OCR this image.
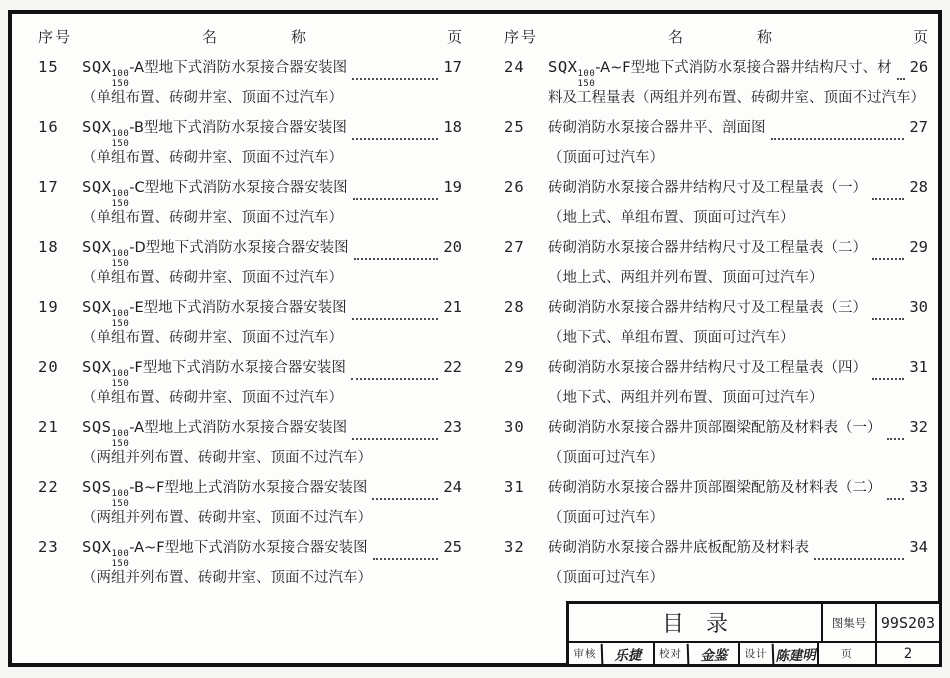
序号	名	称	页
15	SQX 100
150
-A型地下式消防水泵接合器安装图	17
（单组布置、砖砌井室、顶面不过汽车）
16	SQX 100
150
-B型地下式消防水泵接合器安装图	18
（单组布置、砖砌井室、顶面不过汽车）
17	SQX 100
150
-C型地下式消防水泵接合器安装图	19
（单组布置、砖砌井室、顶面不过汽车）
18	SQX 100
150
-D型地下式消防水泵接合器安装图	20
（单组布置、砖砌井室、顶面不过汽车）
19	SQX 100
150
-E型地下式消防水泵接合器安装图	21
（单组布置、砖砌井室、顶面不过汽车）
20	SQX 100
150
-F型地下式消防水泵接合器安装图	22
（单组布置、砖砌井室、顶面不过汽车）
21	SQS 100
150
-A型地上式消防水泵接合器安装图	23
（两组并列布置、砖砌井室、顶面不过汽车）
22	SQS 100
150
-B~F型地上式消防水泵接合器安装图	24
（两组并列布置、砖砌井室、顶面不过汽车）
23	SQX 100
150
-A~F型地下式消防水泵接合器安装图	25
（两组并列布置、砖砌井室、顶面不过汽车）
序号	名	称	页
24	SQX 100
150
-A~F型地下式消防水泵接合器井结构尺寸、材 26
料及工程量表（两组并列布置、砖砌井室、顶面不过汽车）
25	砖砌消防水泵接合器井平、剖面图	27
（顶面可过汽车）
26	砖砌消防水泵接合器井结构尺寸及工程量表（一）	28
（地上式、单组布置、顶面可过汽车）
27	砖砌消防水泵接合器井结构尺寸及工程量表（二）	29
（地上式、两组并列布置、顶面可过汽车）
28	砖砌消防水泵接合器井结构尺寸及工程量表（三）	30
（地下式、单组布置、顶面可过汽车）
29	砖砌消防水泵接合器井结构尺寸及工程量表（四）	31
（地下式、两组并列布置、顶面可过汽车）
30	砖砌消防水泵接合器井顶部圈梁配筋及材料表（一） 32
（顶面可过汽车）
31	砖砌消防水泵接合器井顶部圈梁配筋及材料表（二） 33
（顶面可过汽车）
32	砖砌消防水泵接合器井底板配筋及材料表	34
（顶面可过汽车）
目　录	图集号 99S203
审核	乐捷	校对	金鉴	设计 陈建明	页	2
